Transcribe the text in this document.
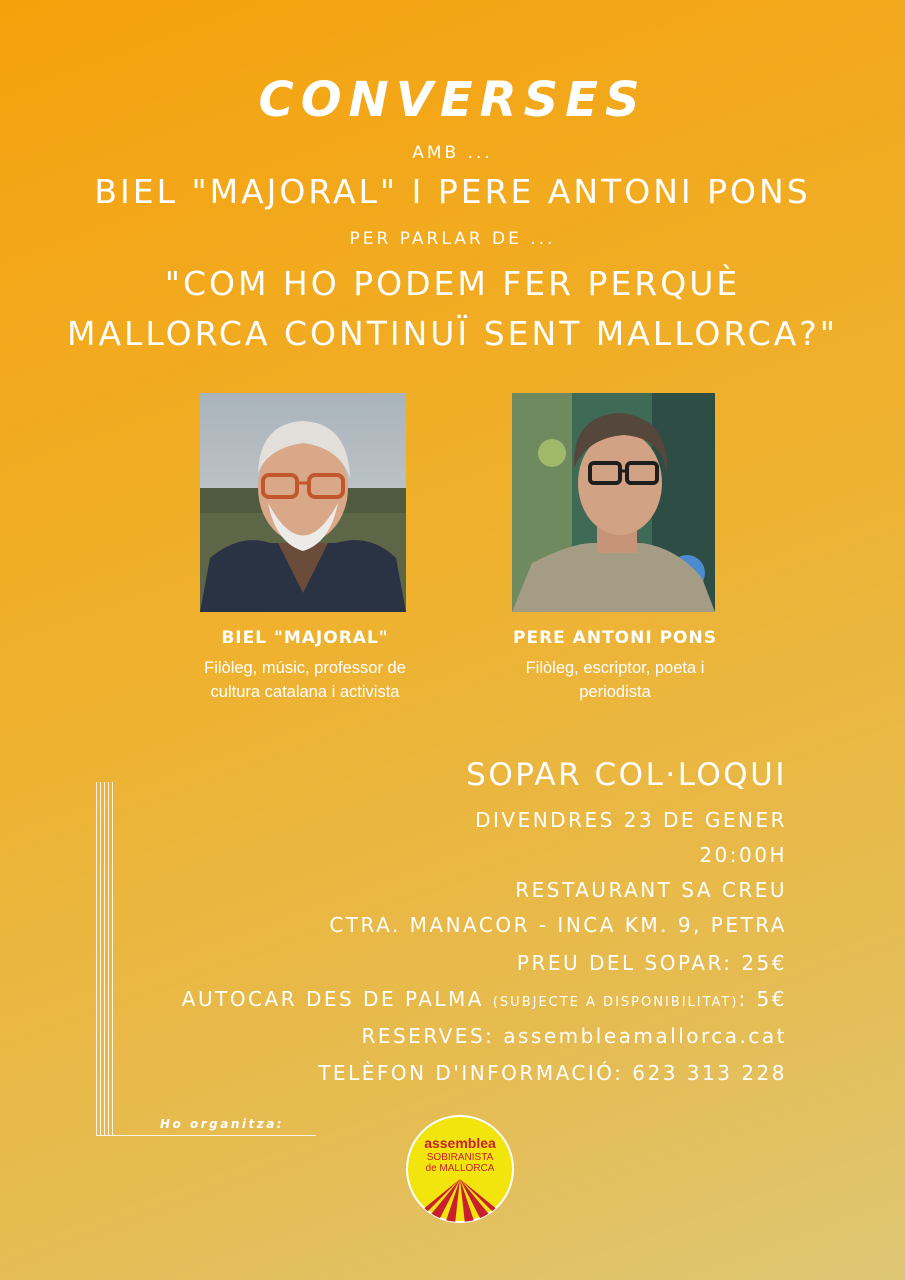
CONVERSES
AMB ...
BIEL "MAJORAL" I PERE ANTONI PONS
PER PARLAR DE ...
"COM HO PODEM FER PERQUÈ
MALLORCA CONTINUÏ SENT MALLORCA?"
BIEL "MAJORAL"	PERE ANTONI PONS
Filòleg, músic, professor de
cultura catalana i activista
Filòleg, escriptor, poeta i
periodista
SOPAR COL·LOQUI
DIVENDRES 23 DE GENER
20:00H
RESTAURANT SA CREU
CTRA. MANACOR - INCA KM. 9, PETRA
PREU DEL SOPAR: 25€
AUTOCAR DES DE PALMA (SUBJECTE A DISPONIBILITAT): 5€
RESERVES: assembleamallorca.cat
TELÈFON D'INFORMACIÓ: 623 313 228
Ho organitza:
assemblea
SOBIRANISTA
de MALLORCA
